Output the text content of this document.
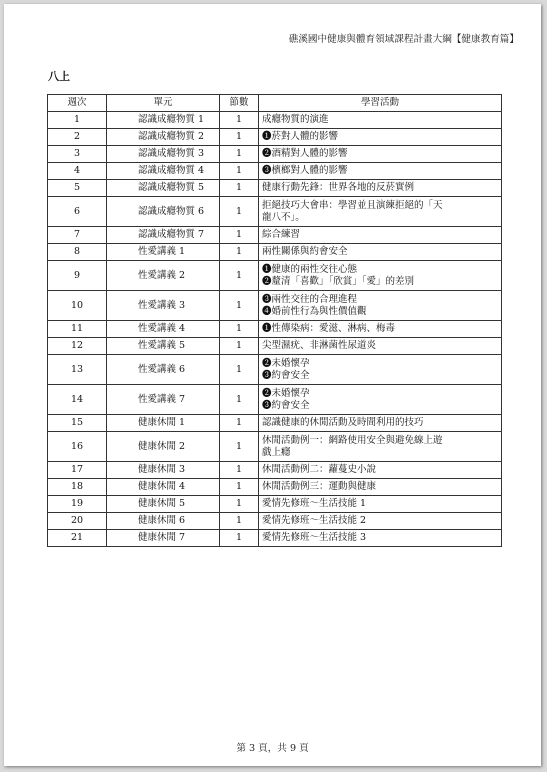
礁溪國中健康與體育領域課程計畫大綱【健康教育篇】
八上
週次	單元	節數	學習活動
1	認識成癮物質 1	1	成癮物質的演進

2	認識成癮物質 2	1	❶菸對人體的影響

3	認識成癮物質 3	1	❷酒精對人體的影響

4	認識成癮物質 4	1	❸檳榔對人體的影響

5	認識成癮物質 5	1	健康行動先鋒：世界各地的反菸實例

6	認識成癮物質 6	1	拒絕技巧大會串：學習並且演練拒絕的「天
龍八不」。

7	認識成癮物質 7	1	綜合練習

8	性愛講義 1	1	兩性關係與約會安全

9	性愛講義 2	1	❶健康的兩性交往心態
❷釐清「喜歡」「欣賞」「愛」的差別

10	性愛講義 3	1	❸兩性交往的合理進程
❹婚前性行為與性價值觀

11	性愛講義 4	1	❶性傳染病：愛滋、淋病、梅毒

12	性愛講義 5	1	尖型濕疣、非淋菌性尿道炎

13	性愛講義 6	1	❷未婚懷孕
❸約會安全

14	性愛講義 7	1	❷未婚懷孕
❸約會安全

15	健康休閒 1	1	認識健康的休閒活動及時間利用的技巧

16	健康休閒 2	1	休閒活動例一：網路使用安全與避免線上遊
戲上癮

17	健康休閒 3	1	休閒活動例二：蘿蔓史小說

18	健康休閒 4	1	休閒活動例三：運動與健康

19	健康休閒 5	1	愛情先修班～生活技能 1

20	健康休閒 6	1	愛情先修班～生活技能 2

21	健康休閒 7	1	愛情先修班～生活技能 3
第 3 頁，共 9 頁
